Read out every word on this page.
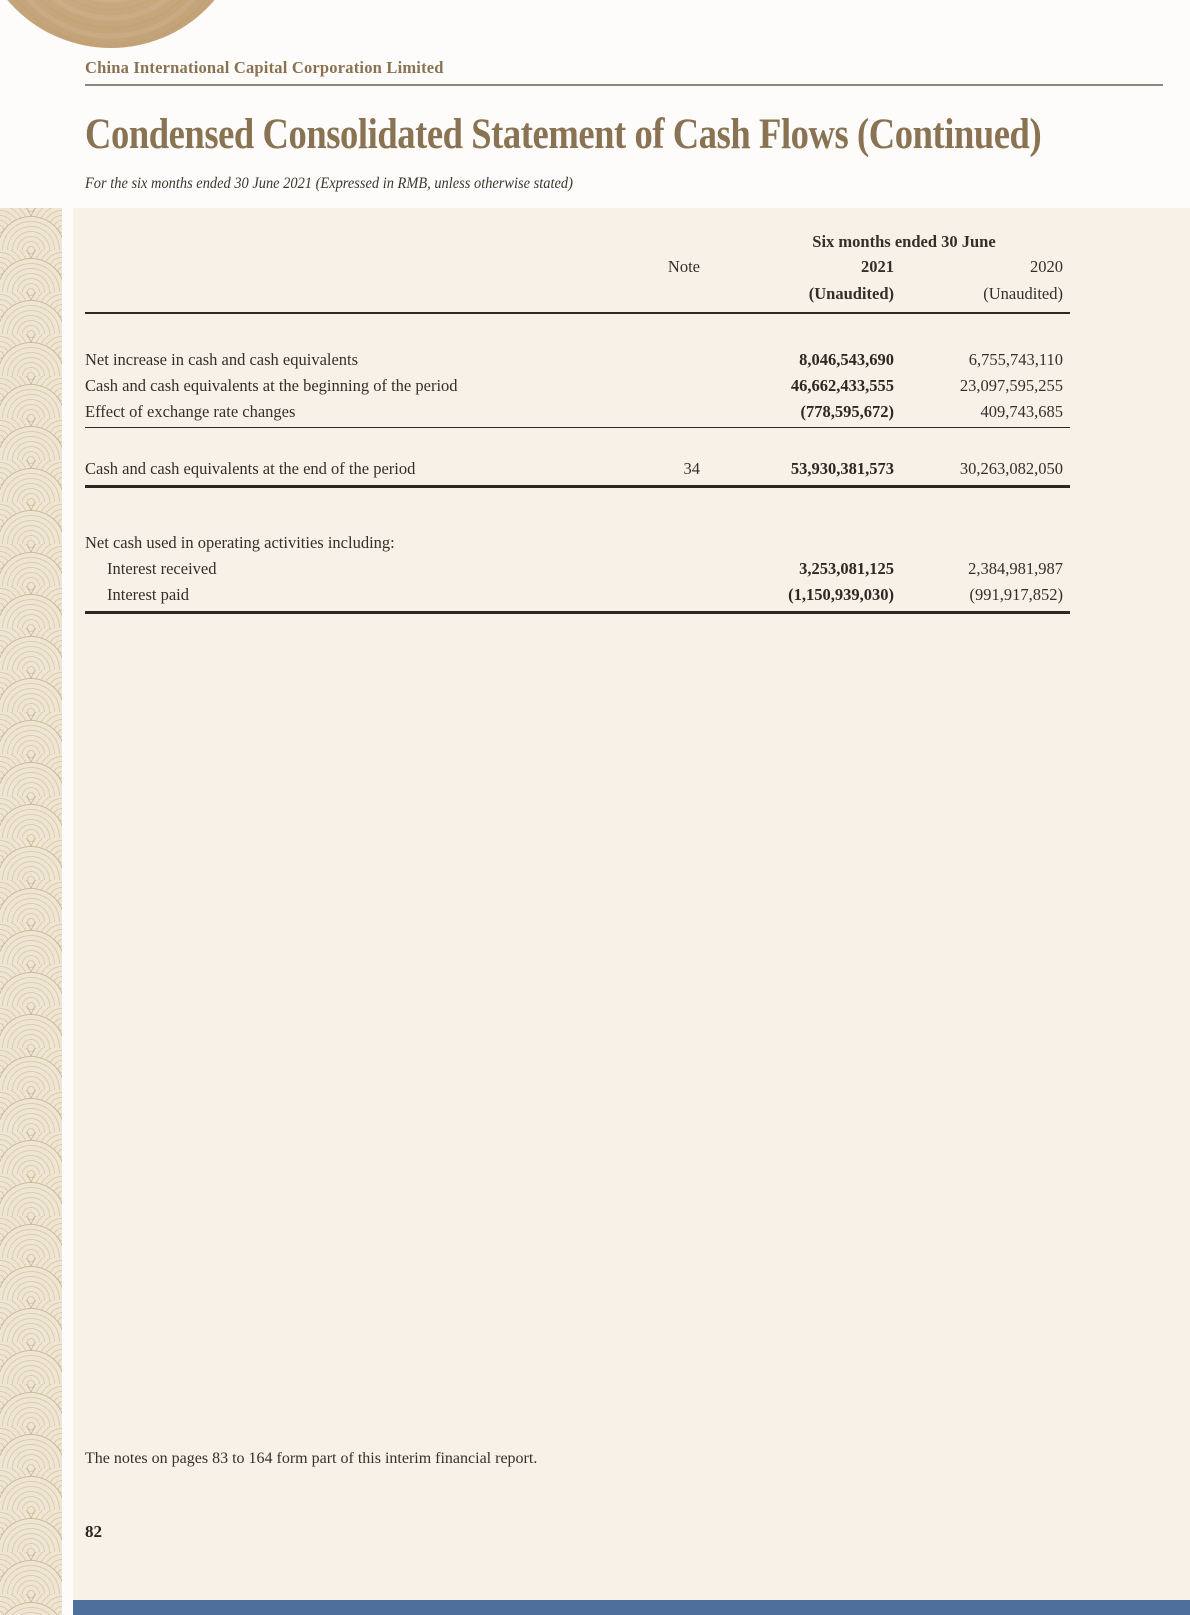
China International Capital Corporation Limited
Condensed Consolidated Statement of Cash Flows (Continued)
For the six months ended 30 June 2021 (Expressed in RMB, unless otherwise stated)
Six months ended 30 June
Note	2021	2020
(Unaudited)	(Unaudited)
Net increase in cash and cash equivalents	8,046,543,690	6,755,743,110
Cash and cash equivalents at the beginning of the period	46,662,433,555	23,097,595,255
Effect of exchange rate changes	(778,595,672)	409,743,685
Cash and cash equivalents at the end of the period	34	53,930,381,573	30,263,082,050
Net cash used in operating activities including:
Interest received	3,253,081,125	2,384,981,987
Interest paid	(1,150,939,030)	(991,917,852)
The notes on pages 83 to 164 form part of this interim financial report.
82
